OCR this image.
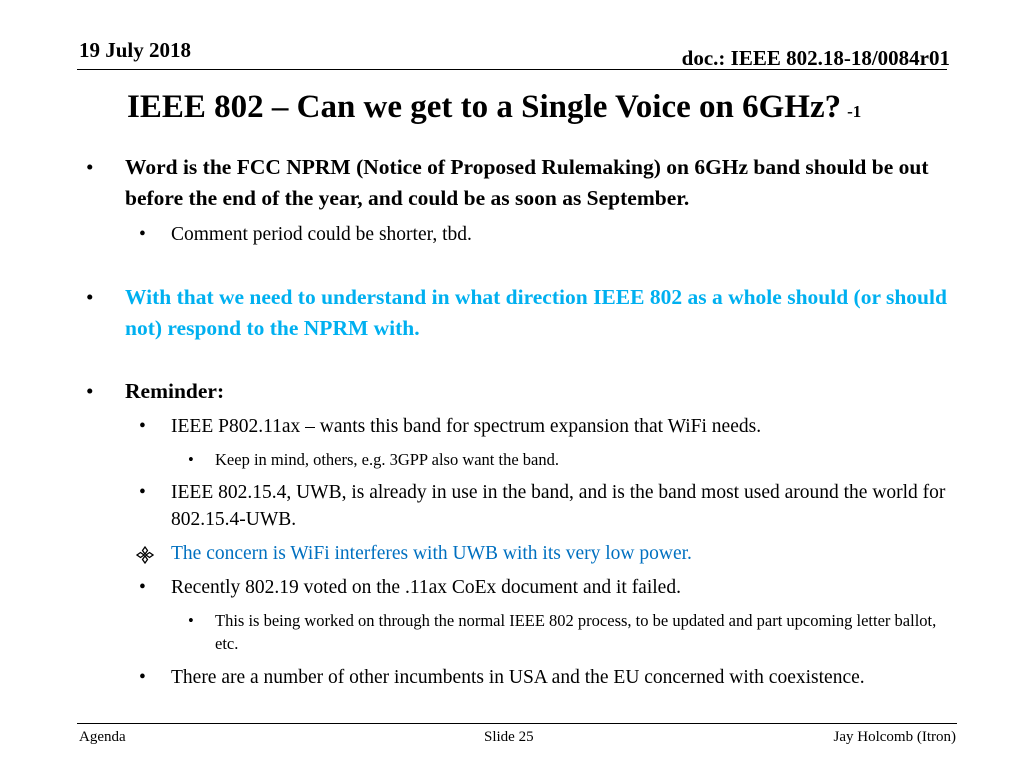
19 July 2018	doc.: IEEE 802.18-18/0084r01
IEEE 802 – Can we get to a Single Voice on 6GHz? -1
• Word is the FCC NPRM (Notice of Proposed Rulemaking) on 6GHz band should be out before the end of the year, and could be as soon as September.
• Comment period could be shorter, tbd.
• With that we need to understand in what direction IEEE 802 as a whole should (or should not) respond to the NPRM with.
• Reminder:
• IEEE P802.11ax – wants this band for spectrum expansion that WiFi needs.
• Keep in mind, others, e.g. 3GPP also want the band.
• IEEE 802.15.4, UWB, is already in use in the band, and is the band most used around the world for 802.15.4-UWB.
The concern is WiFi interferes with UWB with its very low power.
• Recently 802.19 voted on the .11ax CoEx document and it failed.
• This is being worked on through the normal IEEE 802 process, to be updated and part upcoming letter ballot, etc.
• There are a number of other incumbents in USA and the EU concerned with coexistence.
Agenda	Slide 25	Jay Holcomb (Itron)
